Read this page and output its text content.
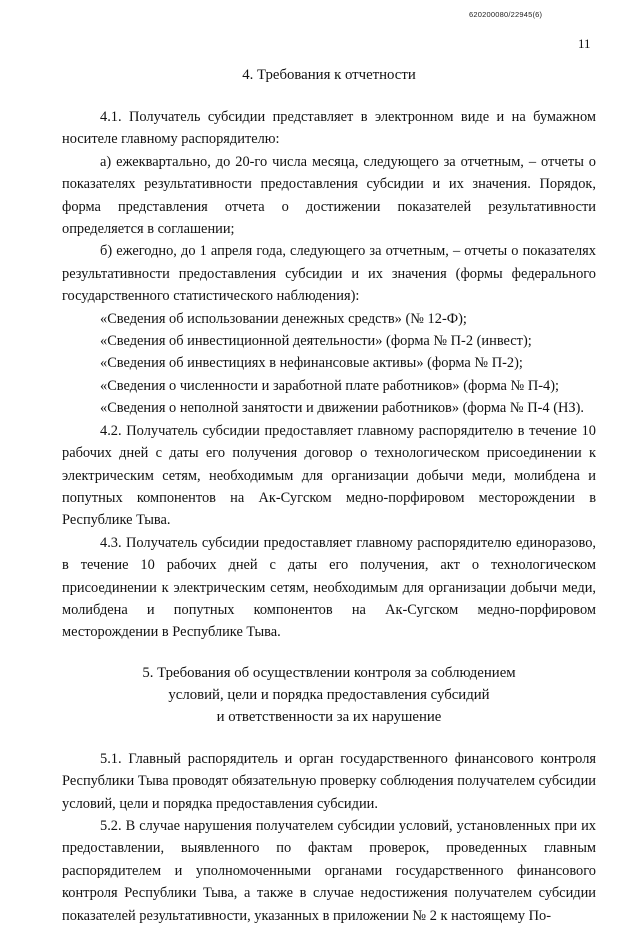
620200080/22945(6)
11
4. Требования к отчетности

4.1. Получатель субсидии представляет в электронном виде и на бумажном носителе главному распорядителю:

а) ежеквартально, до 20-го числа месяца, следующего за отчетным, – отчеты о показателях результативности предоставления субсидии и их значения. Порядок, форма представления отчета о достижении показателей результативности определяется в соглашении;

б) ежегодно, до 1 апреля года, следующего за отчетным, – отчеты о показателях результативности предоставления субсидии и их значения (формы федерального государственного статистического наблюдения):

«Сведения об использовании денежных средств» (№ 12-Ф);

«Сведения об инвестиционной деятельности» (форма № П-2 (инвест);

«Сведения об инвестициях в нефинансовые активы» (форма № П-2);

«Сведения о численности и заработной плате работников» (форма № П-4);

«Сведения о неполной занятости и движении работников» (форма № П-4 (НЗ).

4.2. Получатель субсидии предоставляет главному распорядителю в течение 10 рабочих дней с даты его получения договор о технологическом присоединении к электрическим сетям, необходимым для организации добычи меди, молибдена и попутных компонентов на Ак-Сугском медно-порфировом месторождении в Республике Тыва.

4.3. Получатель субсидии предоставляет главному распорядителю единоразово, в течение 10 рабочих дней с даты его получения, акт о технологическом присоединении к электрическим сетям, необходимым для организации добычи меди, молибдена и попутных компонентов на Ак-Сугском медно-порфировом месторождении в Республике Тыва.

5. Требования об осуществлении контроля за соблюдением
условий, цели и порядка предоставления субсидий
и ответственности за их нарушение

5.1. Главный распорядитель и орган государственного финансового контроля Республики Тыва проводят обязательную проверку соблюдения получателем субсидии условий, цели и порядка предоставления субсидии.

5.2. В случае нарушения получателем субсидии условий, установленных при их предоставлении, выявленного по фактам проверок, проведенных главным распорядителем и уполномоченными органами государственного финансового контроля Республики Тыва, а также в случае недостижения получателем субсидии показателей результативности, указанных в приложении № 2 к настоящему По-
